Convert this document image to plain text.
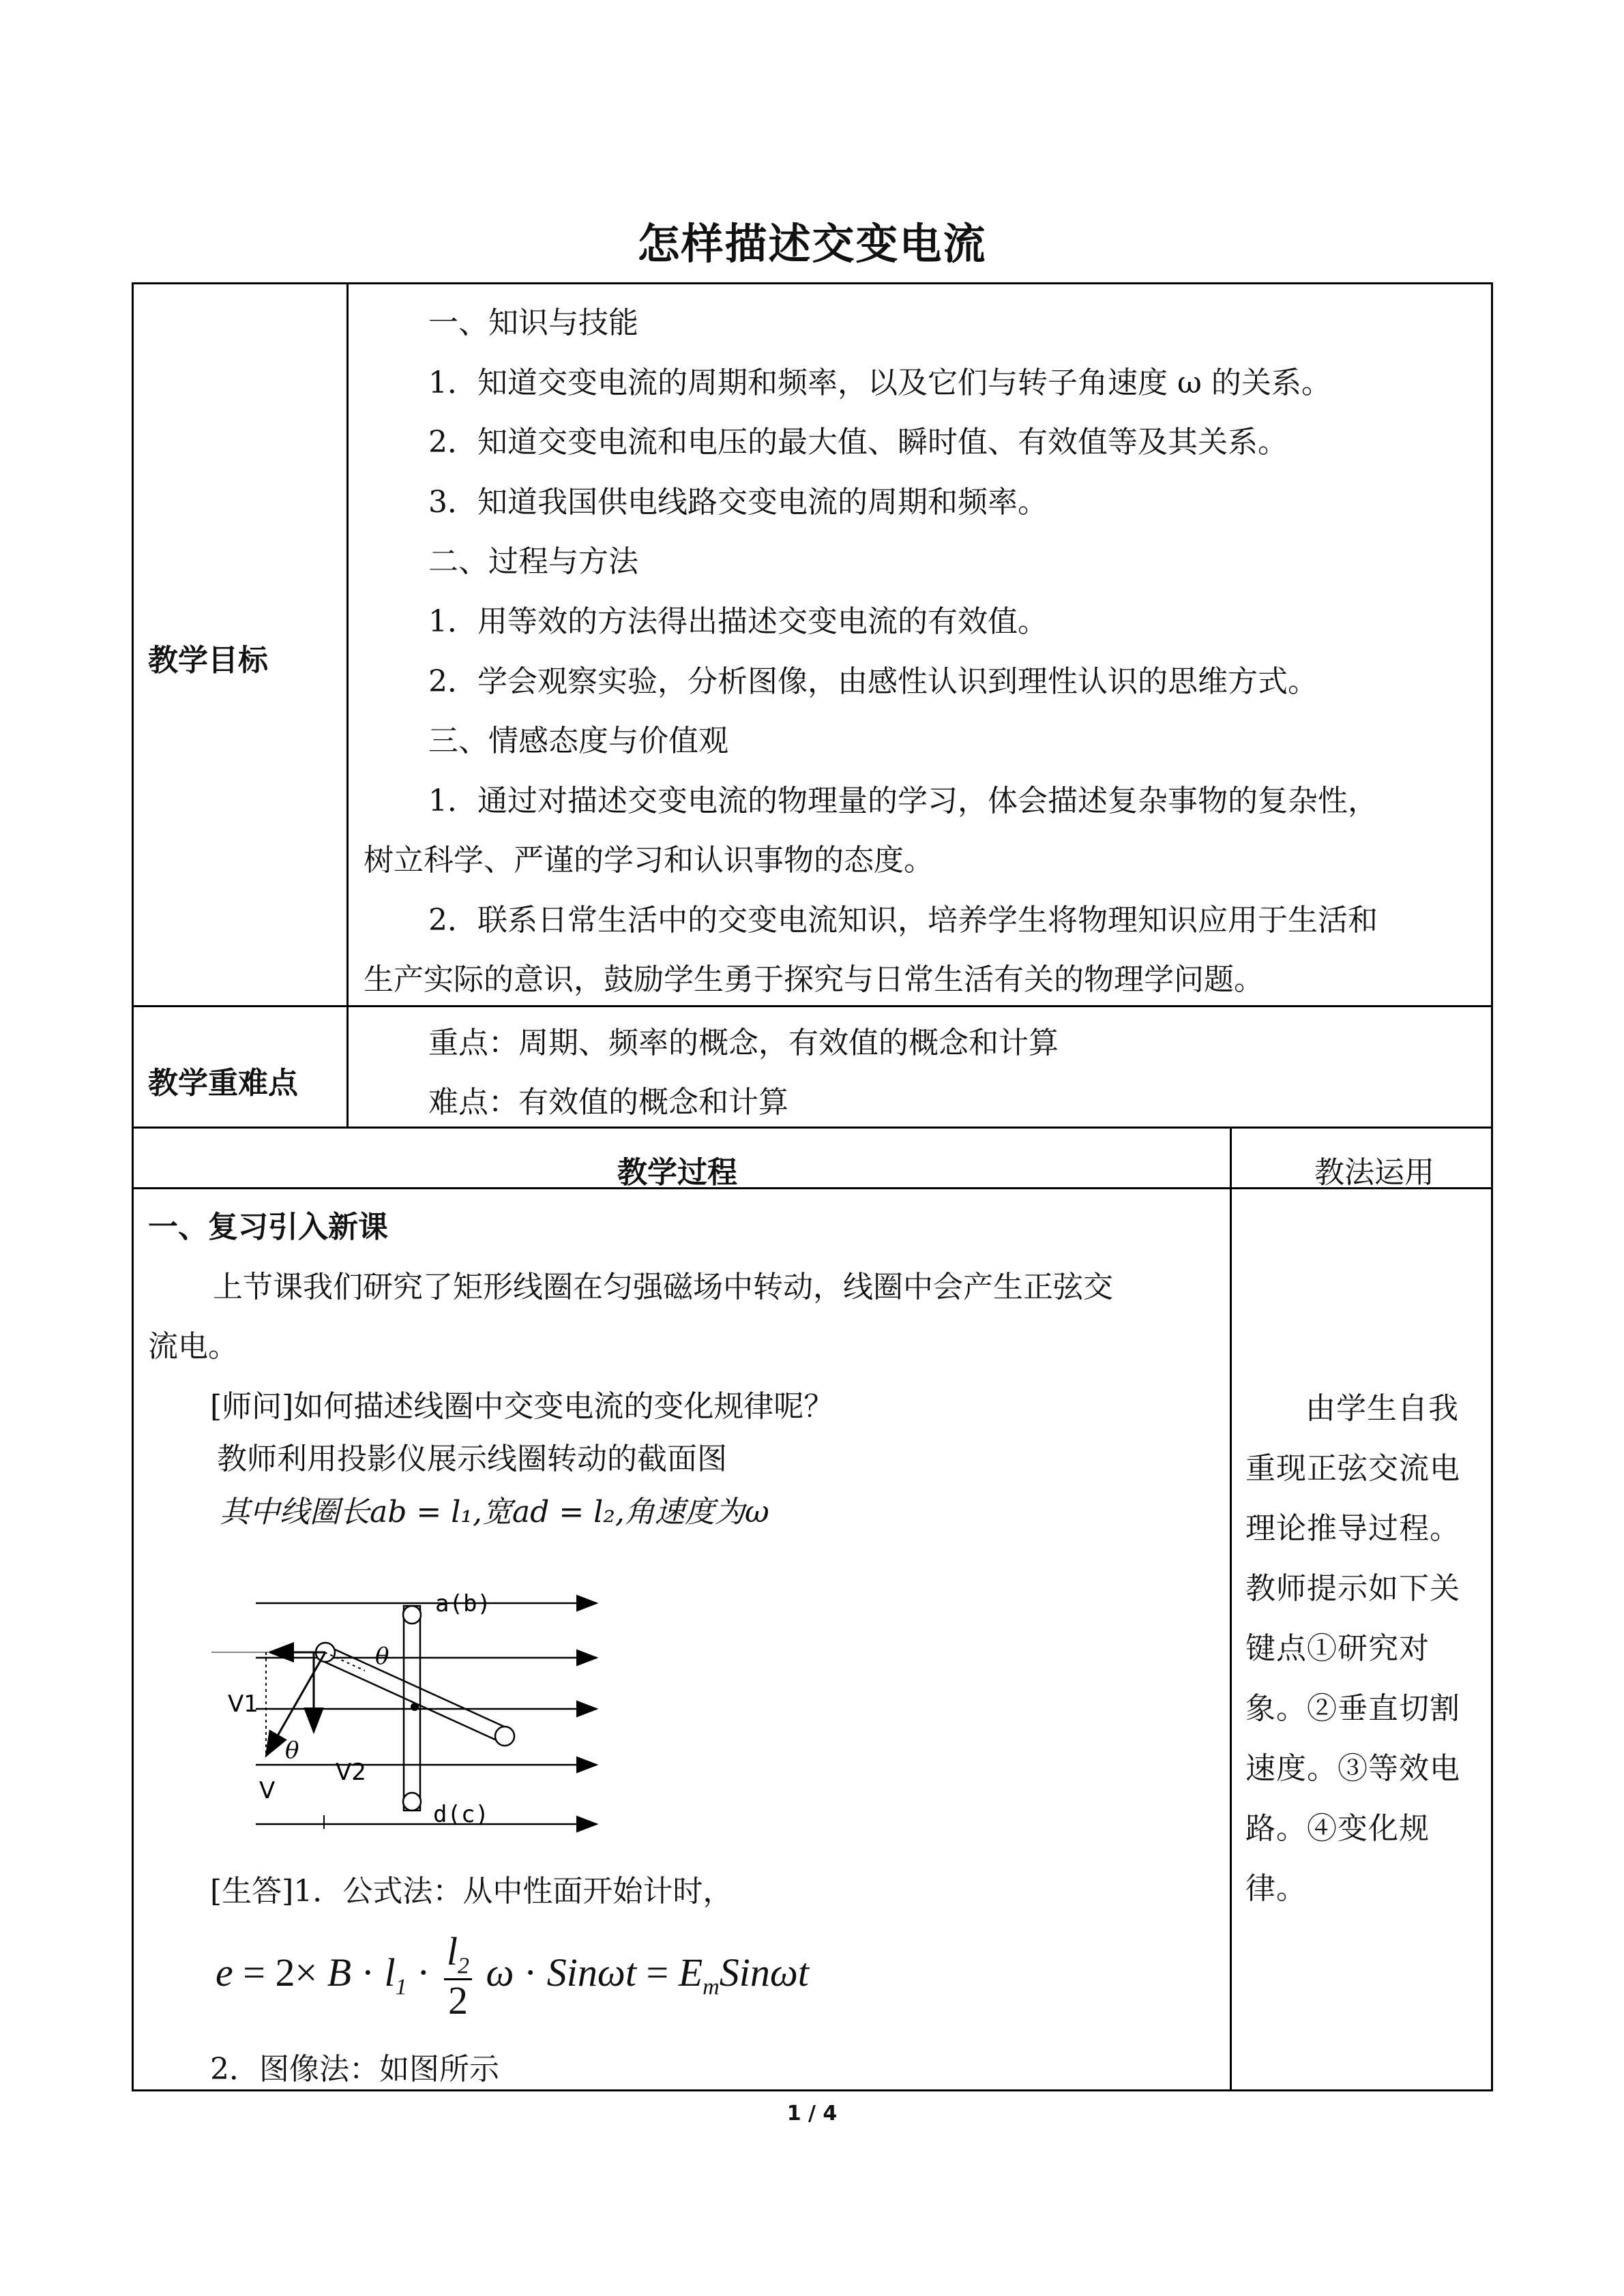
怎样描述交变电流
教学目标
一、知识与技能
1．知道交变电流的周期和频率，以及它们与转子角速度 ω 的关系。
2．知道交变电流和电压的最大值、瞬时值、有效值等及其关系。
3．知道我国供电线路交变电流的周期和频率。
二、过程与方法
1．用等效的方法得出描述交变电流的有效值。
2．学会观察实验，分析图像，由感性认识到理性认识的思维方式。
三、情感态度与价值观
1．通过对描述交变电流的物理量的学习，体会描述复杂事物的复杂性，
树立科学、严谨的学习和认识事物的态度。
2．联系日常生活中的交变电流知识，培养学生将物理知识应用于生活和
生产实际的意识，鼓励学生勇于探究与日常生活有关的物理学问题。
教学重难点
重点：周期、频率的概念，有效值的概念和计算
难点：有效值的概念和计算
教学过程	教法运用
一、复习引入新课
上节课我们研究了矩形线圈在匀强磁场中转动，线圈中会产生正弦交
流电。
[师问]如何描述线圈中交变电流的变化规律呢？
教师利用投影仪展示线圈转动的截面图
其中线圈长ab = l₁,宽ad = l₂,角速度为ω
a(b)
d(c)
V1
V2
V
θ
θ
[生答]1．公式法：从中性面开始计时，
$e = 2\times B \cdot l_1 \cdot \frac{l_2}{2}$ $\omega \cdot Sin\omega t = E_mSin\omega t$
2．图像法：如图所示
由学生自我重现正弦交流电理论推导过程。教师提示如下关键点①研究对象。②垂直切割速度。③等效电路。④变化规律。
1 / 4
